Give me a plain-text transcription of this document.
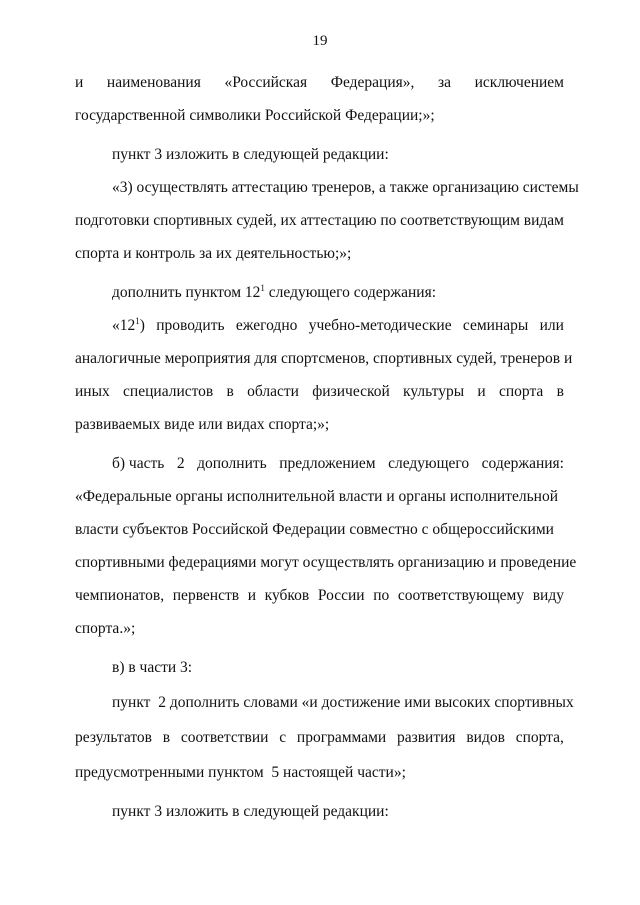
19
и наименования «Российская Федерация», за исключением
государственной символики Российской Федерации;»;
пункт 3 изложить в следующей редакции:
«3) осуществлять аттестацию тренеров, а также организацию системы
подготовки спортивных судей, их аттестацию по соответствующим видам
спорта и контроль за их деятельностью;»;
дополнить пунктом $12^1$ следующего содержания:
«$12^1$) проводить ежегодно учебно-методические семинары или
аналогичные мероприятия для спортсменов, спортивных судей, тренеров и
иных специалистов в области физической культуры и спорта в
развиваемых виде или видах спорта;»;
б) часть 2 дополнить предложением следующего содержания:
«Федеральные органы исполнительной власти и органы исполнительной
власти субъектов Российской Федерации совместно с общероссийскими
спортивными федерациями могут осуществлять организацию и проведение
чемпионатов, первенств и кубков России по соответствующему виду
спорта.»;
в) в части 3:
пункт  2 дополнить словами «и достижение ими высоких спортивных
результатов в соответствии с программами развития видов спорта,
предусмотренными пунктом  5 настоящей части»;
пункт 3 изложить в следующей редакции:
